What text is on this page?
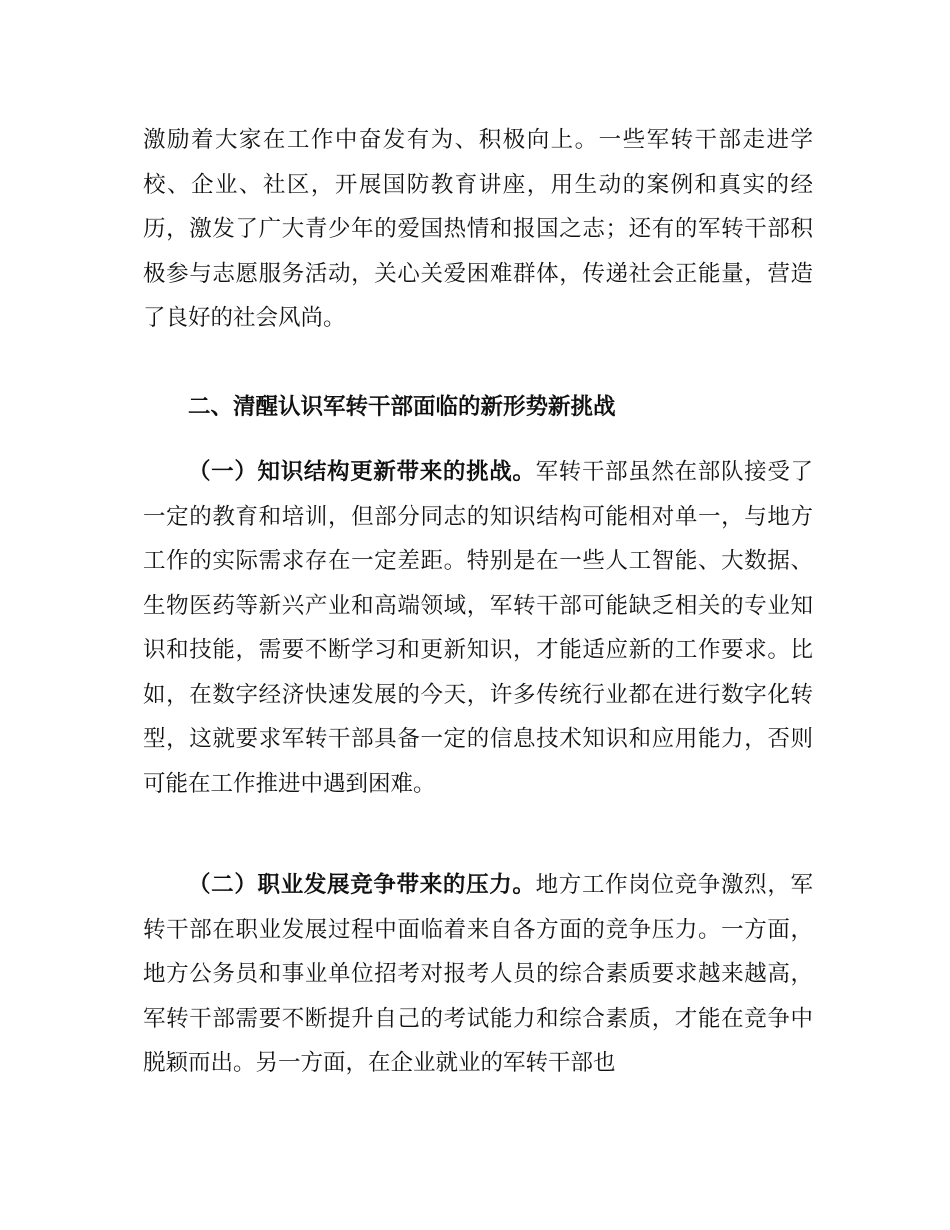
激励着大家在工作中奋发有为、积极向上。一些军转干部走进学校、企业、社区，开展国防教育讲座，用生动的案例和真实的经历，激发了广大青少年的爱国热情和报国之志；还有的军转干部积极参与志愿服务活动，关心关爱困难群体，传递社会正能量，营造了良好的社会风尚。

二、清醒认识军转干部面临的新形势新挑战

（一）知识结构更新带来的挑战。军转干部虽然在部队接受了一定的教育和培训，但部分同志的知识结构可能相对单一，与地方工作的实际需求存在一定差距。特别是在一些人工智能、大数据、生物医药等新兴产业和高端领域，军转干部可能缺乏相关的专业知识和技能，需要不断学习和更新知识，才能适应新的工作要求。比如，在数字经济快速发展的今天，许多传统行业都在进行数字化转型，这就要求军转干部具备一定的信息技术知识和应用能力，否则可能在工作推进中遇到困难。

（二）职业发展竞争带来的压力。地方工作岗位竞争激烈，军转干部在职业发展过程中面临着来自各方面的竞争压力。一方面，地方公务员和事业单位招考对报考人员的综合素质要求越来越高，军转干部需要不断提升自己的考试能力和综合素质，才能在竞争中脱颖而出。另一方面，在企业就业的军转干部也
